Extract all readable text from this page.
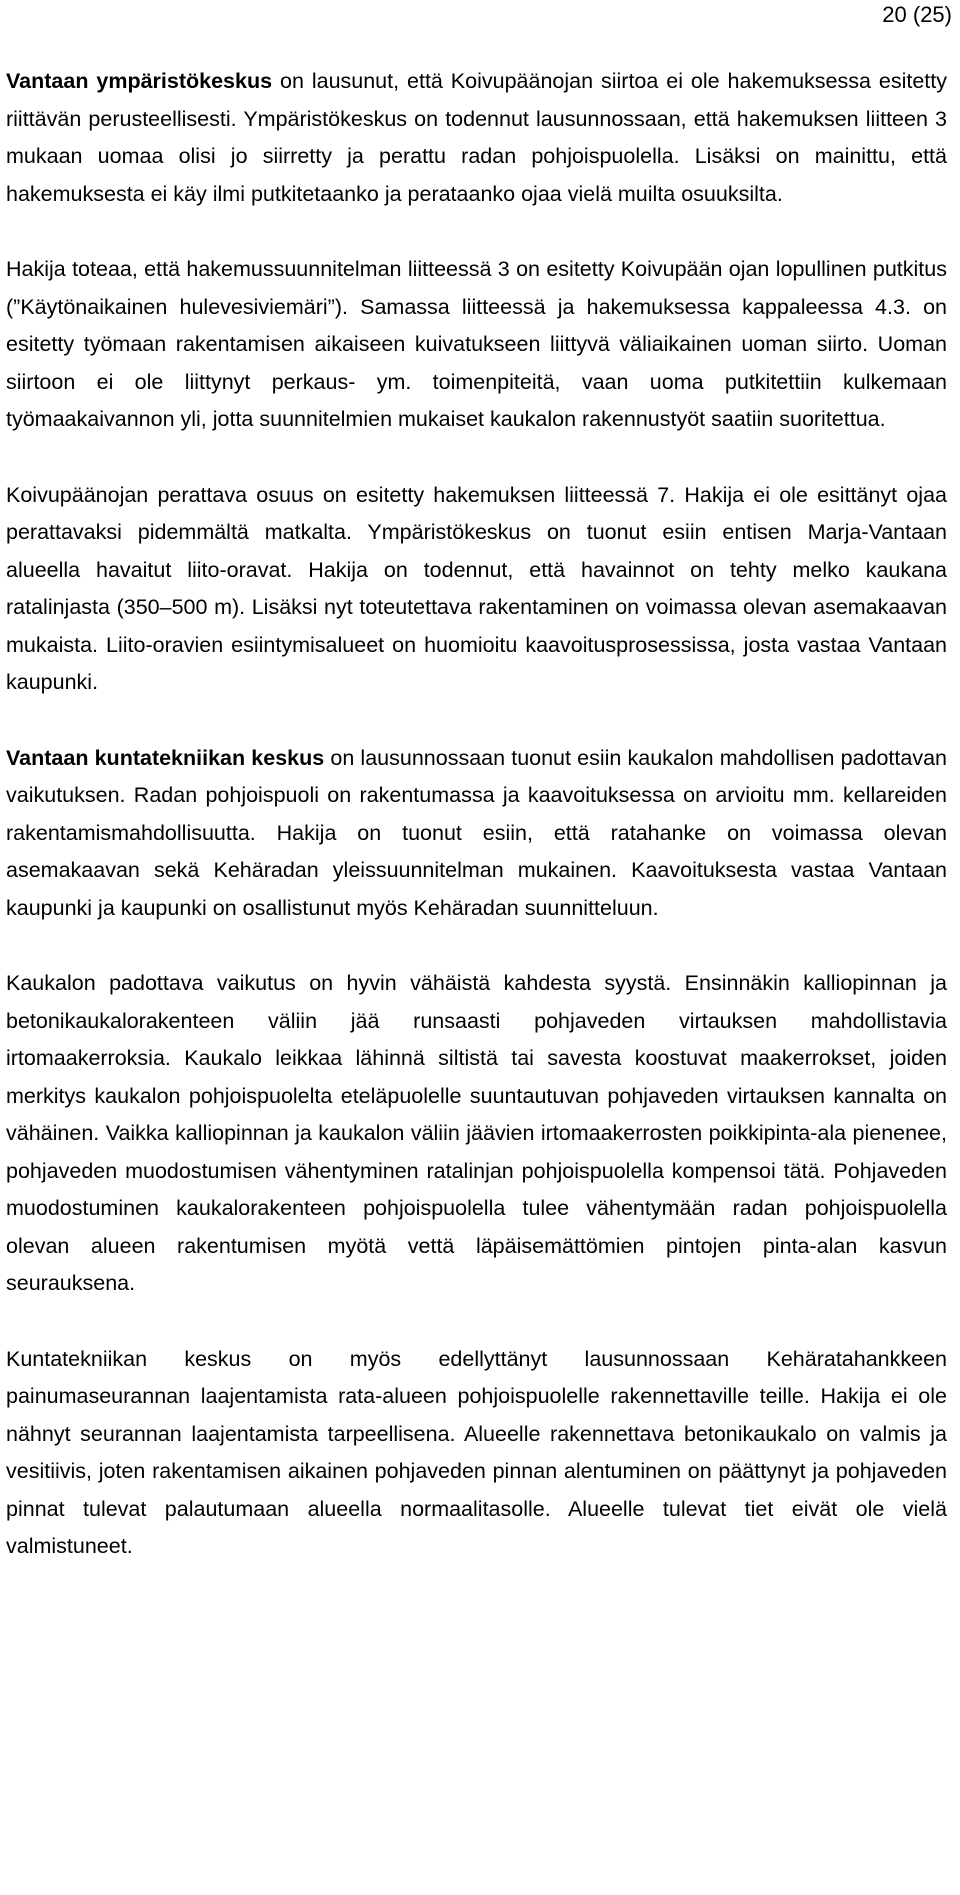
20 (25)

Vantaan ympäristökeskus on lausunut, että Koivupäänojan siirtoa ei ole hakemuksessa esitetty riittävän perusteellisesti. Ympäristökeskus on todennut lausunnossaan, että hakemuksen liitteen 3 mukaan uomaa olisi jo siirretty ja perattu radan pohjoispuolella. Lisäksi on mainittu, että hakemuksesta ei käy ilmi putkitetaanko ja perataanko ojaa vielä muilta osuuksilta.

Hakija toteaa, että hakemussuunnitelman liitteessä 3 on esitetty Koivupään ojan lopullinen putkitus (”Käytönaikainen hulevesiviemäri”). Samassa liitteessä ja hakemuksessa kappaleessa 4.3. on esitetty työmaan rakentamisen aikaiseen kuivatukseen liittyvä väliaikainen uoman siirto. Uoman siirtoon ei ole liittynyt perkaus- ym. toimenpiteitä, vaan uoma putkitettiin kulkemaan työmaakaivannon yli, jotta suunnitelmien mukaiset kaukalon rakennustyöt saatiin suoritettua.

Koivupäänojan perattava osuus on esitetty hakemuksen liitteessä 7. Hakija ei ole esittänyt ojaa perattavaksi pidemmältä matkalta. Ympäristökeskus on tuonut esiin entisen Marja-Vantaan alueella havaitut liito-oravat. Hakija on todennut, että havainnot on tehty melko kaukana ratalinjasta (350–500 m). Lisäksi nyt toteutettava rakentaminen on voimassa olevan asemakaavan mukaista. Liito-oravien esiintymisalueet on huomioitu kaavoitusprosessissa, josta vastaa Vantaan kaupunki.

Vantaan kuntatekniikan keskus on lausunnossaan tuonut esiin kaukalon mahdollisen padottavan vaikutuksen. Radan pohjoispuoli on rakentumassa ja kaavoituksessa on arvioitu mm. kellareiden rakentamismahdollisuutta. Hakija on tuonut esiin, että ratahanke on voimassa olevan asemakaavan sekä Kehäradan yleissuunnitelman mukainen. Kaavoituksesta vastaa Vantaan kaupunki ja kaupunki on osallistunut myös Kehäradan suunnitteluun.

Kaukalon padottava vaikutus on hyvin vähäistä kahdesta syystä. Ensinnäkin kalliopinnan ja betonikaukalorakenteen väliin jää runsaasti pohjaveden virtauksen mahdollistavia irtomaakerroksia. Kaukalo leikkaa lähinnä siltistä tai savesta koostuvat maakerrokset, joiden merkitys kaukalon pohjoispuolelta eteläpuolelle suuntautuvan pohjaveden virtauksen kannalta on vähäinen. Vaikka kalliopinnan ja kaukalon väliin jäävien irtomaakerrosten poikkipinta-ala pienenee, pohjaveden muodostumisen vähentyminen ratalinjan pohjoispuolella kompensoi tätä. Pohjaveden muodostuminen kaukalorakenteen pohjoispuolella tulee vähentymään radan pohjoispuolella olevan alueen rakentumisen myötä vettä läpäisemättömien pintojen pinta-alan kasvun seurauksena.

Kuntatekniikan keskus on myös edellyttänyt lausunnossaan Kehäratahankkeen painumaseurannan laajentamista rata-alueen pohjoispuolelle rakennettaville teille. Hakija ei ole nähnyt seurannan laajentamista tarpeellisena. Alueelle rakennettava betonikaukalo on valmis ja vesitiivis, joten rakentamisen aikainen pohjaveden pinnan alentuminen on päättynyt ja pohjaveden pinnat tulevat palautumaan alueella normaalitasolle. Alueelle tulevat tiet eivät ole vielä valmistuneet.
